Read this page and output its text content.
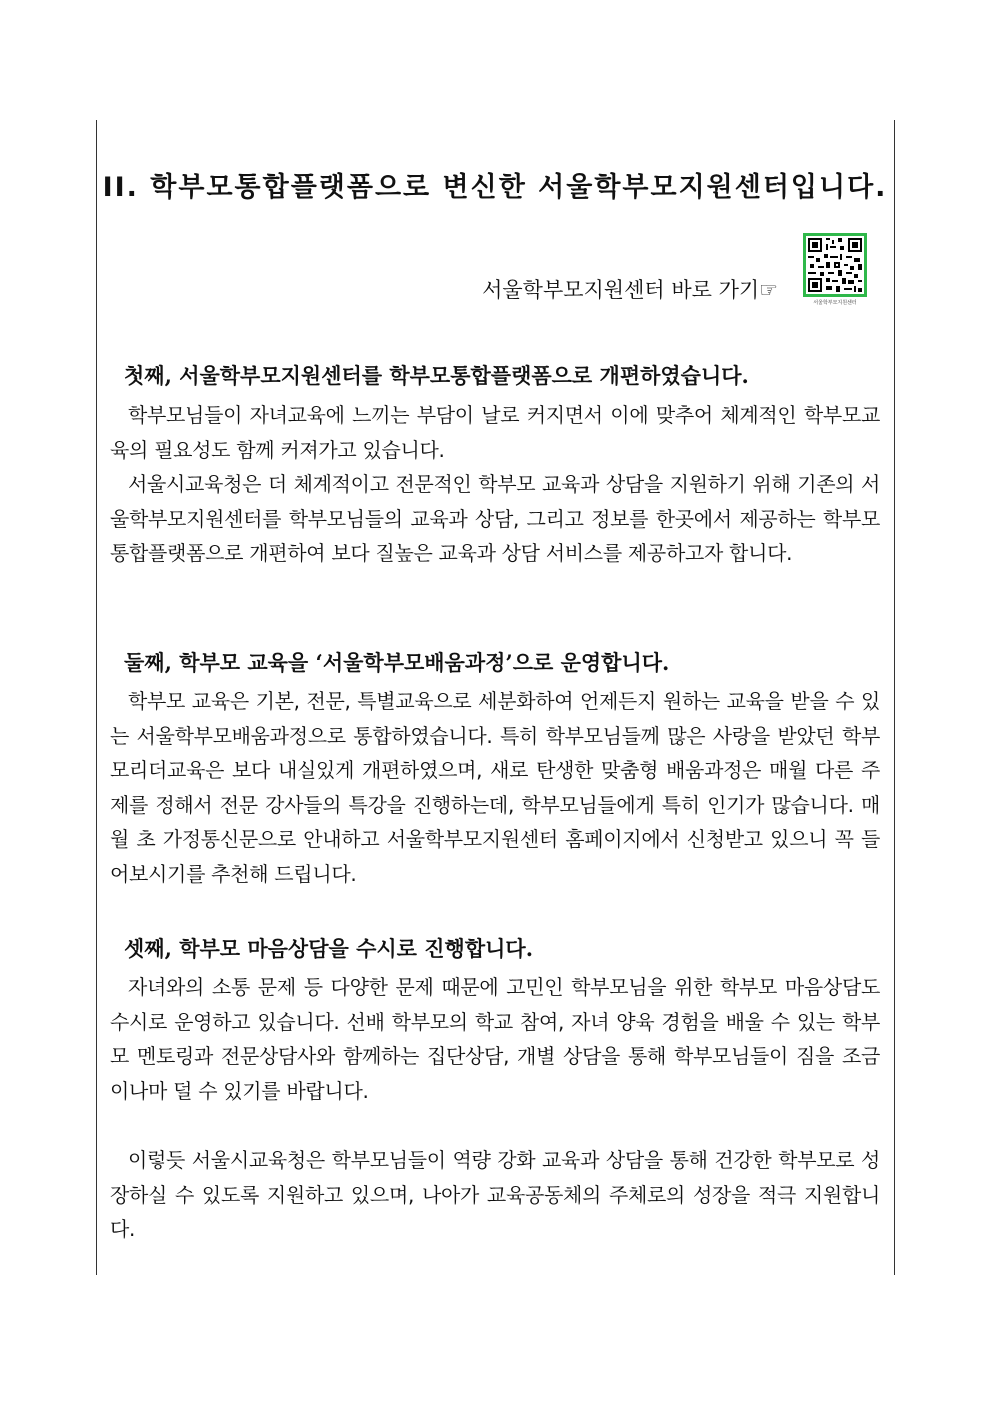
II. 학부모통합플랫폼으로 변신한 서울학부모지원센터입니다.
서울학부모지원센터 바로 가기☞
서울학부모지원센터
첫째, 서울학부모지원센터를 학부모통합플랫폼으로 개편하였습니다.

학부모님들이 자녀교육에 느끼는 부담이 날로 커지면서 이에 맞추어 체계적인 학부모교육의 필요성도 함께 커져가고 있습니다.

서울시교육청은 더 체계적이고 전문적인 학부모 교육과 상담을 지원하기 위해 기존의 서울학부모지원센터를 학부모님들의 교육과 상담, 그리고 정보를 한곳에서 제공하는 학부모통합플랫폼으로 개편하여 보다 질높은 교육과 상담 서비스를 제공하고자 합니다.

둘째, 학부모 교육을 ‘서울학부모배움과정’으로 운영합니다.

학부모 교육은 기본, 전문, 특별교육으로 세분화하여 언제든지 원하는 교육을 받을 수 있는 서울학부모배움과정으로 통합하였습니다. 특히 학부모님들께 많은 사랑을 받았던 학부모리더교육은 보다 내실있게 개편하였으며, 새로 탄생한 맞춤형 배움과정은 매월 다른 주제를 정해서 전문 강사들의 특강을 진행하는데, 학부모님들에게 특히 인기가 많습니다. 매월 초 가정통신문으로 안내하고 서울학부모지원센터 홈페이지에서 신청받고 있으니 꼭 들어보시기를 추천해 드립니다.

셋째, 학부모 마음상담을 수시로 진행합니다.

자녀와의 소통 문제 등 다양한 문제 때문에 고민인 학부모님을 위한 학부모 마음상담도 수시로 운영하고 있습니다. 선배 학부모의 학교 참여, 자녀 양육 경험을 배울 수 있는 학부모 멘토링과 전문상담사와 함께하는 집단상담, 개별 상담을 통해 학부모님들이 짐을 조금이나마 덜 수 있기를 바랍니다.

이렇듯 서울시교육청은 학부모님들이 역량 강화 교육과 상담을 통해 건강한 학부모로 성장하실 수 있도록 지원하고 있으며, 나아가 교육공동체의 주체로의 성장을 적극 지원합니다.
